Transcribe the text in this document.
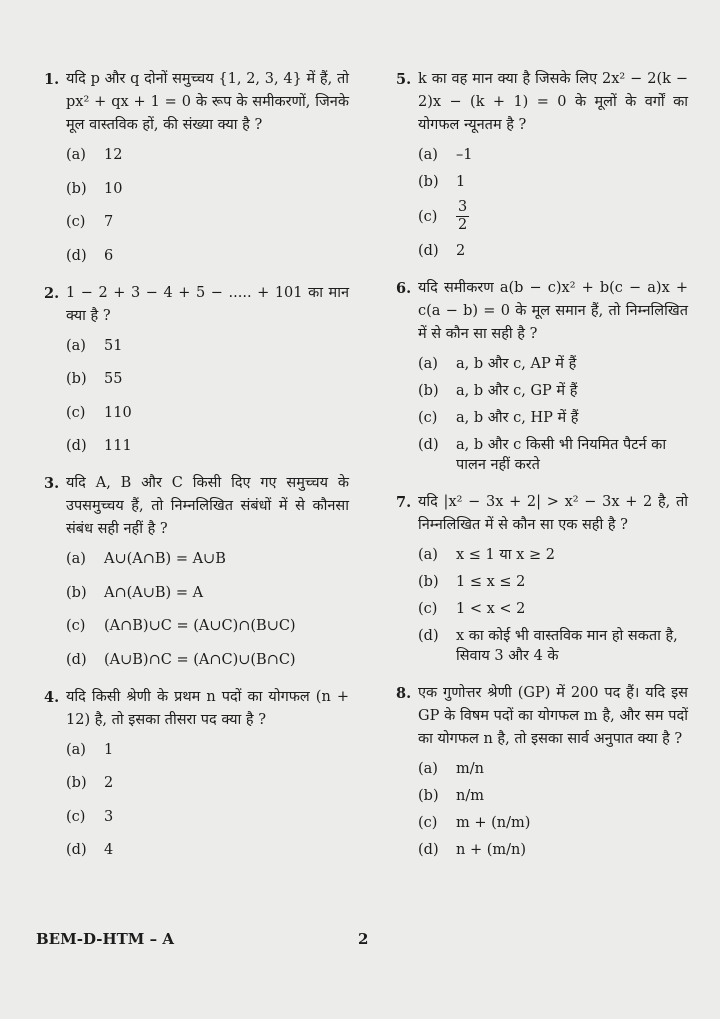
1. यदि p और q दोनों समुच्चय {1, 2, 3, 4} में हैं, तो px² + qx + 1 = 0 के रूप के समीकरणों, जिनके मूल वास्तविक हों, की संख्या क्या है ?
(a)	12
(b)	10
(c)	7
(d)	6
2. 1 − 2 + 3 − 4 + 5 − ..... + 101 का मान क्या है ?
(a)	51
(b)	55
(c)	110
(d)	111
3. यदि A, B और C किसी दिए गए समुच्चय के उपसमुच्चय हैं, तो निम्नलिखित संबंधों में से कौनसा संबंध सही नहीं है ?
(a)	A∪(A∩B) = A∪B
(b)	A∩(A∪B) = A
(c)	(A∩B)∪C = (A∪C)∩(B∪C)
(d)	(A∪B)∩C = (A∩C)∪(B∩C)
4. यदि किसी श्रेणी के प्रथम n पदों का योगफल (n + 12) है, तो इसका तीसरा पद क्या है ?
(a)	1
(b)	2
(c)	3
(d)	4
5. k का वह मान क्या है जिसके लिए 2x² − 2(k − 2)x − (k + 1) = 0 के मूलों के वर्गों का योगफल न्यूनतम है ?
(a)	–1
(b)	1
(c)	$\frac{3}{2}$
(d)	2
6. यदि समीकरण a(b − c)x² + b(c − a)x + c(a − b) = 0 के मूल समान हैं, तो निम्नलिखित में से कौन सा सही है ?
(a)	a, b और c, AP में हैं
(b)	a, b और c, GP में हैं
(c)	a, b और c, HP में हैं
(d)	a, b और c किसी भी नियमित पैटर्न का पालन नहीं करते
7. यदि |x² − 3x + 2| > x² − 3x + 2 है, तो निम्नलिखित में से कौन सा एक सही है ?
(a)	x ≤ 1 या x ≥ 2
(b)	1 ≤ x ≤ 2
(c)	1 < x < 2
(d)	x का कोई भी वास्तविक मान हो सकता है, सिवाय 3 और 4 के
8. एक गुणोत्तर श्रेणी (GP) में 200 पद हैं। यदि इस GP के विषम पदों का योगफल m है, और सम पदों का योगफल n है, तो इसका सार्व अनुपात क्या है ?
(a)	m/n
(b)	n/m
(c)	m + (n/m)
(d)	n + (m/n)
BEM-D-HTM – A	2
